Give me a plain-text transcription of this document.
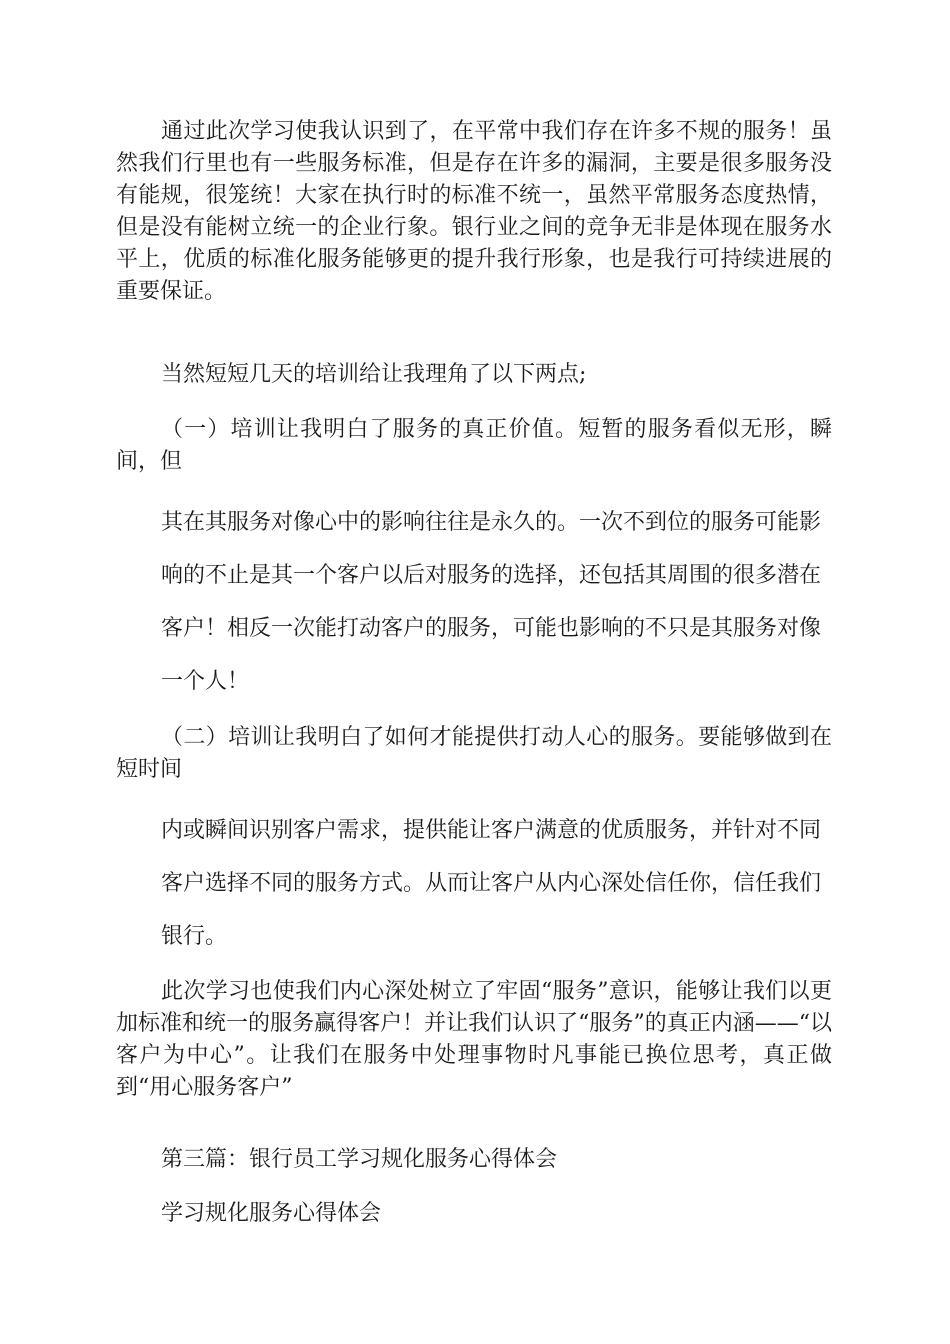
通过此次学习使我认识到了，在平常中我们存在许多不规的服务！虽然我们行里也有一些服务标准，但是存在许多的漏洞，主要是很多服务没有能规，很笼统！大家在执行时的标准不统一，虽然平常服务态度热情，但是没有能树立统一的企业行象。银行业之间的竞争无非是体现在服务水平上，优质的标准化服务能够更的提升我行形象，也是我行可持续进展的重要保证。

当然短短几天的培训给让我理角了以下两点;

（一）培训让我明白了服务的真正价值。短暂的服务看似无形，瞬间，但

其在其服务对像心中的影响往往是永久的。一次不到位的服务可能影

响的不止是其一个客户以后对服务的选择，还包括其周围的很多潜在

客户！相反一次能打动客户的服务，可能也影响的不只是其服务对像

一个人！

（二）培训让我明白了如何才能提供打动人心的服务。要能够做到在短时间

内或瞬间识别客户需求，提供能让客户满意的优质服务，并针对不同

客户选择不同的服务方式。从而让客户从内心深处信任你，信任我们

银行。

此次学习也使我们内心深处树立了牢固“服务”意识，能够让我们以更加标准和统一的服务赢得客户！并让我们认识了“服务”的真正内涵——“以客户为中心”。让我们在服务中处理事物时凡事能已换位思考，真正做到“用心服务客户”

第三篇：银行员工学习规化服务心得体会

学习规化服务心得体会
